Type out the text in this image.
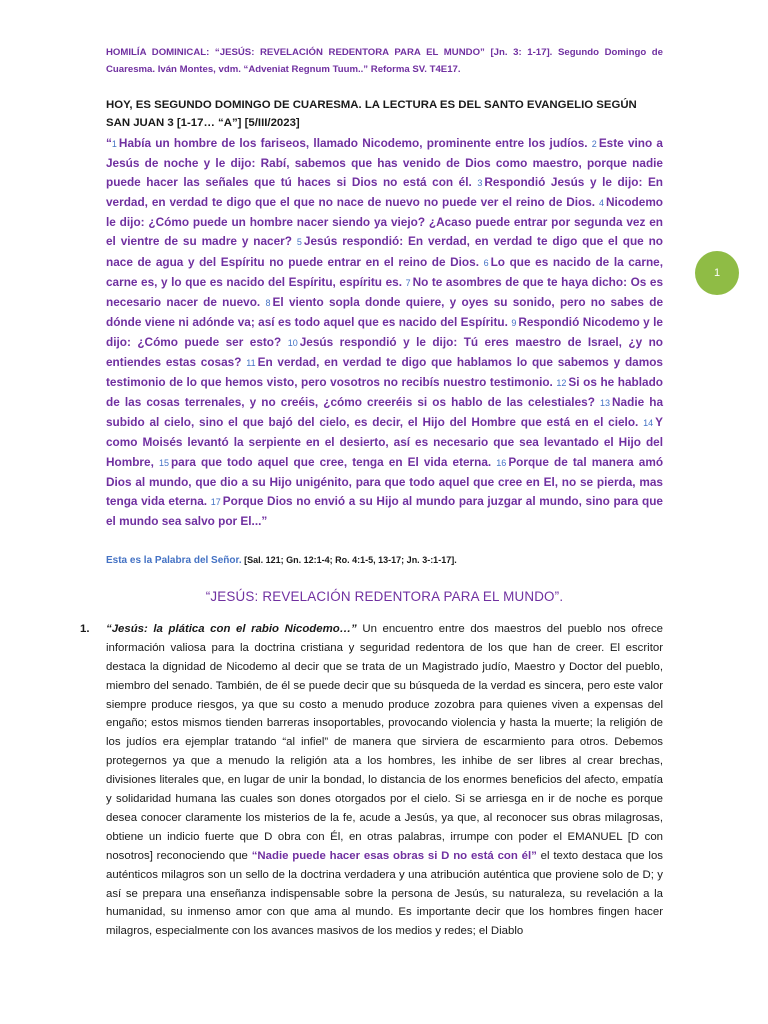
HOMILÍA DOMINICAL: “JESÚS: REVELACIÓN REDENTORA PARA EL MUNDO” [Jn. 3: 1-17]. Segundo Domingo de Cuaresma. Iván Montes, vdm. “Adveniat Regnum Tuum..” Reforma SV. T4E17.
HOY, ES SEGUNDO DOMINGO DE CUARESMA. LA LECTURA ES DEL SANTO EVANGELIO SEGÚN SAN JUAN 3 [1-17… “A”] [5/III/2023]
“1 Había un hombre de los fariseos, llamado Nicodemo, prominente entre los judíos. 2 Este vino a Jesús de noche y le dijo: Rabí, sabemos que has venido de Dios como maestro, porque nadie puede hacer las señales que tú haces si Dios no está con él. 3 Respondió Jesús y le dijo: En verdad, en verdad te digo que el que no nace de nuevo no puede ver el reino de Dios. 4 Nicodemo le dijo: ¿Cómo puede un hombre nacer siendo ya viejo? ¿Acaso puede entrar por segunda vez en el vientre de su madre y nacer? 5 Jesús respondió: En verdad, en verdad te digo que el que no nace de agua y del Espíritu no puede entrar en el reino de Dios. 6 Lo que es nacido de la carne, carne es, y lo que es nacido del Espíritu, espíritu es. 7 No te asombres de que te haya dicho: Os es necesario nacer de nuevo. 8 El viento sopla donde quiere, y oyes su sonido, pero no sabes de dónde viene ni adónde va; así es todo aquel que es nacido del Espíritu. 9 Respondió Nicodemo y le dijo: ¿Cómo puede ser esto? 10 Jesús respondió y le dijo: Tú eres maestro de Israel, ¿y no entiendes estas cosas? 11 En verdad, en verdad te digo que hablamos lo que sabemos y damos testimonio de lo que hemos visto, pero vosotros no recibís nuestro testimonio. 12 Si os he hablado de las cosas terrenales, y no creéis, ¿cómo creeréis si os hablo de las celestiales? 13 Nadie ha subido al cielo, sino el que bajó del cielo, es decir, el Hijo del Hombre que está en el cielo. 14 Y como Moisés levantó la serpiente en el desierto, así es necesario que sea levantado el Hijo del Hombre, 15 para que todo aquel que cree, tenga en El vida eterna. 16 Porque de tal manera amó Dios al mundo, que dio a su Hijo unigénito, para que todo aquel que cree en El, no se pierda, mas tenga vida eterna. 17 Porque Dios no envió a su Hijo al mundo para juzgar al mundo, sino para que el mundo sea salvo por El...”
Esta es la Palabra del Señor. [Sal. 121; Gn. 12:1-4; Ro. 4:1-5, 13-17; Jn. 3-:1-17].
“JESÚS: REVELACIÓN REDENTORA PARA EL MUNDO”.
1. “Jesús: la plática con el rabio Nicodemo…” Un encuentro entre dos maestros del pueblo nos ofrece información valiosa para la doctrina cristiana y seguridad redentora de los que han de creer. El escritor destaca la dignidad de Nicodemo al decir que se trata de un Magistrado judío, Maestro y Doctor del pueblo, miembro del senado. También, de él se puede decir que su búsqueda de la verdad es sincera, pero este valor siempre produce riesgos, ya que su costo a menudo produce zozobra para quienes viven a expensas del engaño; estos mismos tienden barreras insoportables, provocando violencia y hasta la muerte; la religión de los judíos era ejemplar tratando “al infiel” de manera que sirviera de escarmiento para otros. Debemos protegernos ya que a menudo la religión ata a los hombres, les inhibe de ser libres al crear brechas, divisiones literales que, en lugar de unir la bondad, lo distancia de los enormes beneficios del afecto, empatía y solidaridad humana las cuales son dones otorgados por el cielo. Si se arriesga en ir de noche es porque desea conocer claramente los misterios de la fe, acude a Jesús, ya que, al reconocer sus obras milagrosas, obtiene un indicio fuerte que D obra con Él, en otras palabras, irrumpe con poder el EMANUEL [D con nosotros] reconociendo que “Nadie puede hacer esas obras si D no está con él” el texto destaca que los auténticos milagros son un sello de la doctrina verdadera y una atribución auténtica que proviene solo de D; y así se prepara una enseñanza indispensable sobre la persona de Jesús, su naturaleza, su revelación a la humanidad, su inmenso amor con que ama al mundo. Es importante decir que los hombres fingen hacer milagros, especialmente con los avances masivos de los medios y redes; el Diablo
1
